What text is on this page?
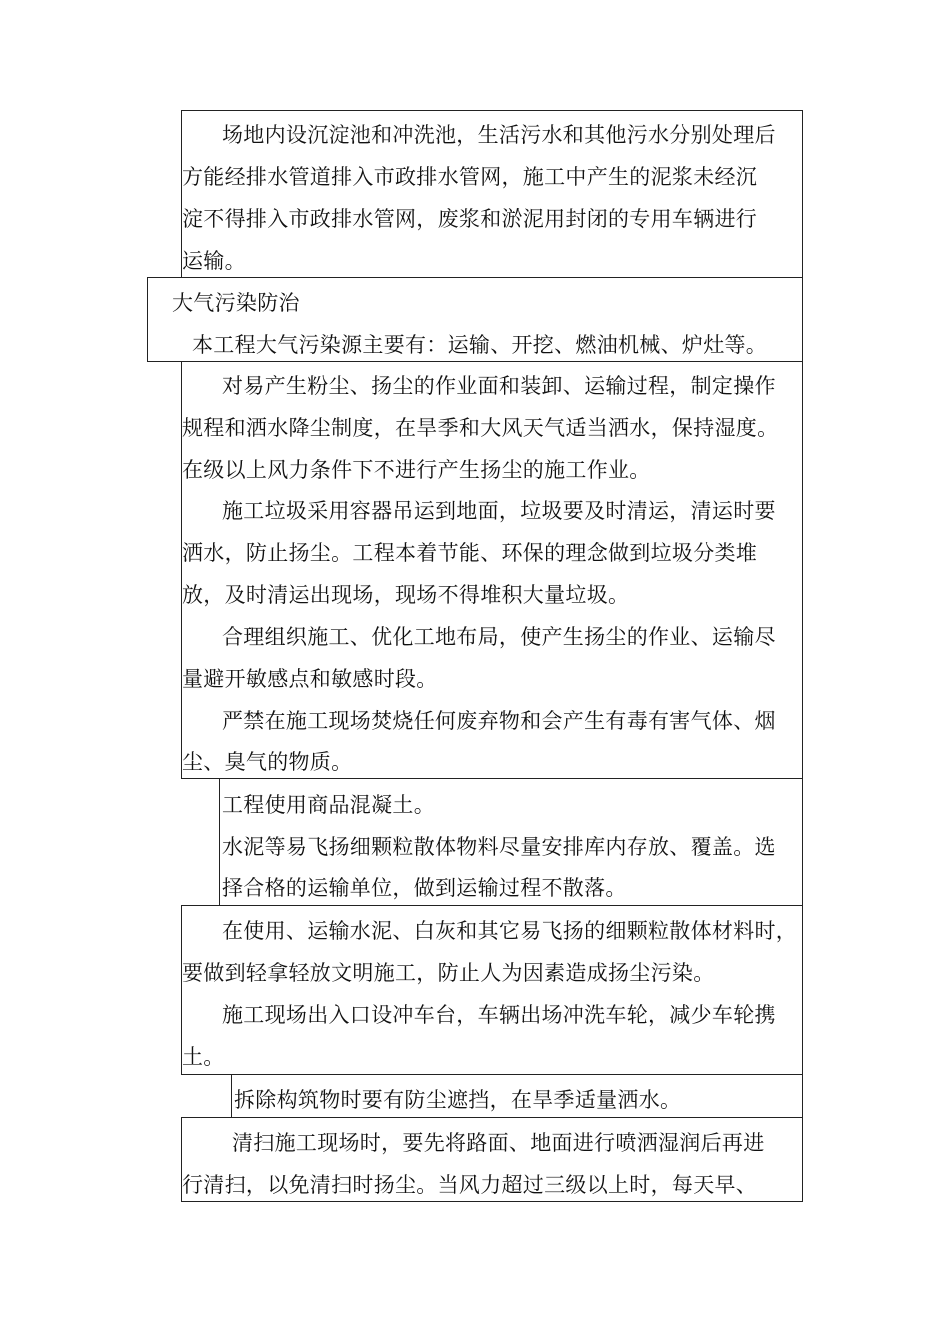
场地内设沉淀池和冲洗池，生活污水和其他污水分别处理后
方能经排水管道排入市政排水管网，施工中产生的泥浆未经沉
淀不得排入市政排水管网，废浆和淤泥用封闭的专用车辆进行
运输。
大气污染防治
本工程大气污染源主要有：运输、开挖、燃油机械、炉灶等。
对易产生粉尘、扬尘的作业面和装卸、运输过程，制定操作
规程和洒水降尘制度，在旱季和大风天气适当洒水，保持湿度。
在级以上风力条件下不进行产生扬尘的施工作业。
施工垃圾采用容器吊运到地面，垃圾要及时清运，清运时要
洒水，防止扬尘。工程本着节能、环保的理念做到垃圾分类堆
放，及时清运出现场，现场不得堆积大量垃圾。
合理组织施工、优化工地布局，使产生扬尘的作业、运输尽
量避开敏感点和敏感时段。
严禁在施工现场焚烧任何废弃物和会产生有毒有害气体、烟
尘、臭气的物质。
工程使用商品混凝土。
水泥等易飞扬细颗粒散体物料尽量安排库内存放、覆盖。选
择合格的运输单位，做到运输过程不散落。
在使用、运输水泥、白灰和其它易飞扬的细颗粒散体材料时，
要做到轻拿轻放文明施工，防止人为因素造成扬尘污染。
施工现场出入口设冲车台，车辆出场冲洗车轮，减少车轮携
土。
拆除构筑物时要有防尘遮挡，在旱季适量洒水。
清扫施工现场时，要先将路面、地面进行喷洒湿润后再进
行清扫，以免清扫时扬尘。当风力超过三级以上时，每天早、
